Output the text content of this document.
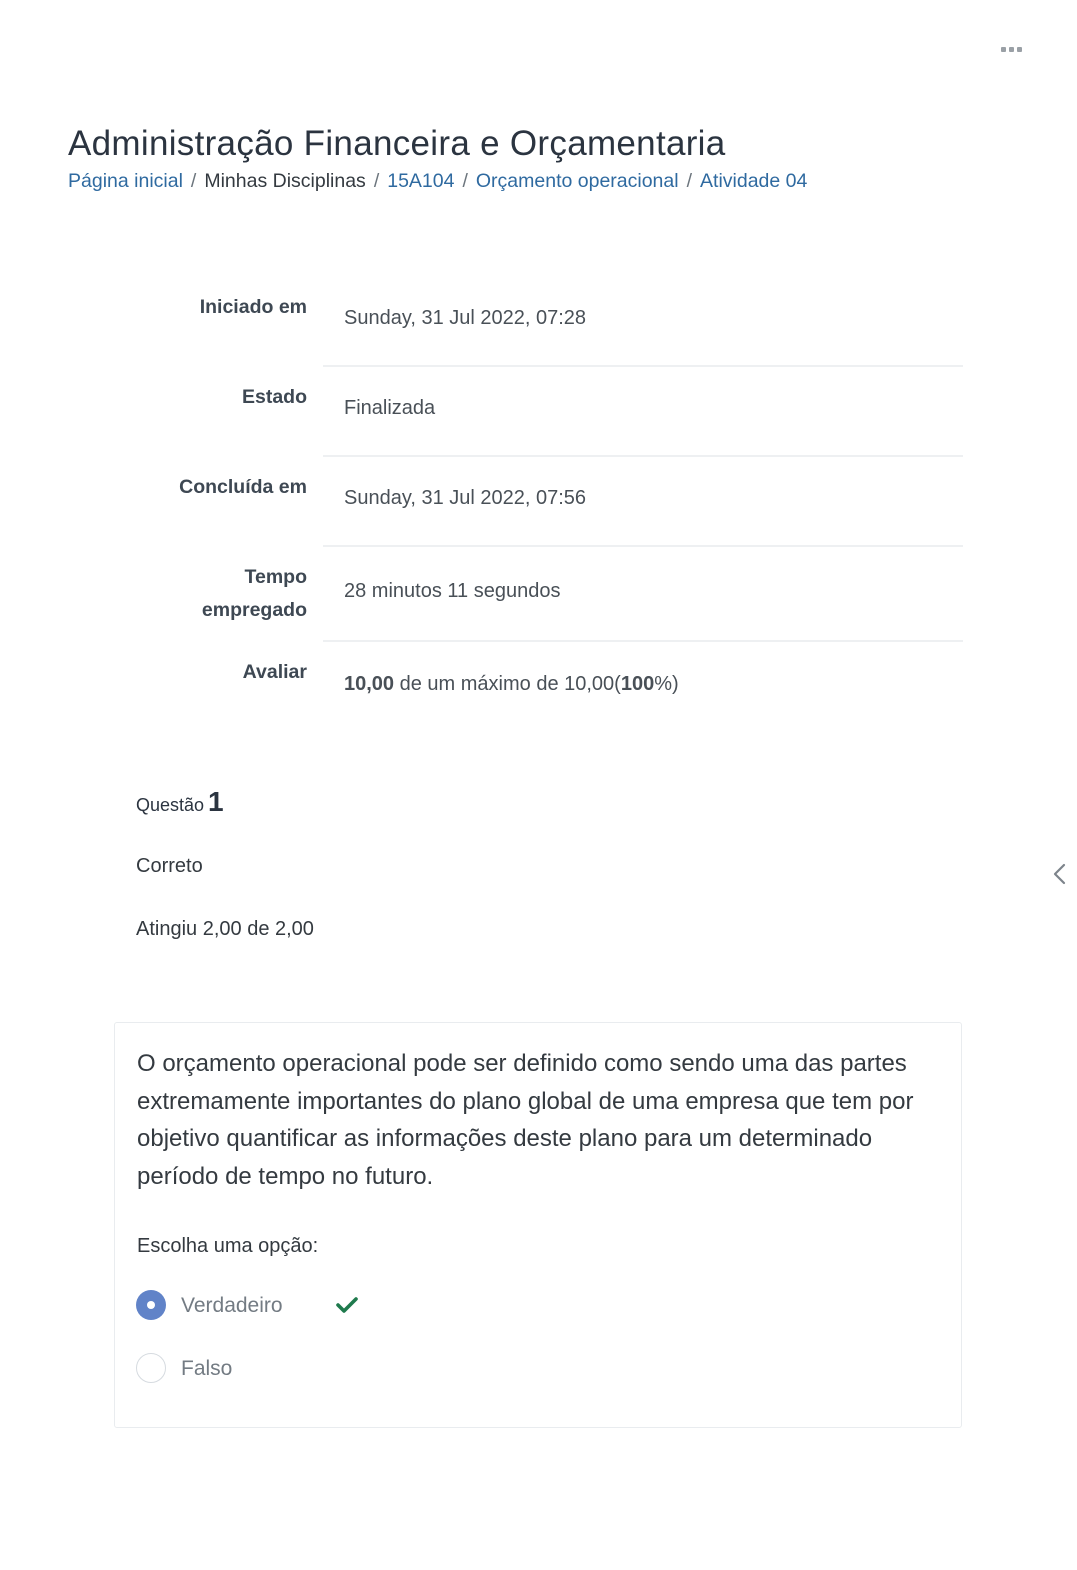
Administração Financeira e Orçamentaria
Página inicial / Minhas Disciplinas / 15A104 / Orçamento operacional / Atividade 04
Iniciado em Sunday, 31 Jul 2022, 07:28
Estado Finalizada
Concluída em Sunday, 31 Jul 2022, 07:56
Tempo
empregado
28 minutos 11 segundos
Avaliar
10,00 de um máximo de 10,00(100%)
Questão 1
Correto
Atingiu 2,00 de 2,00

O orçamento operacional pode ser definido como sendo uma das partes extremamente importantes do plano global de uma empresa que tem por objetivo quantificar as informações deste plano para um determinado período de tempo no futuro.

Escolha uma opção:
Verdadeiro
Falso
